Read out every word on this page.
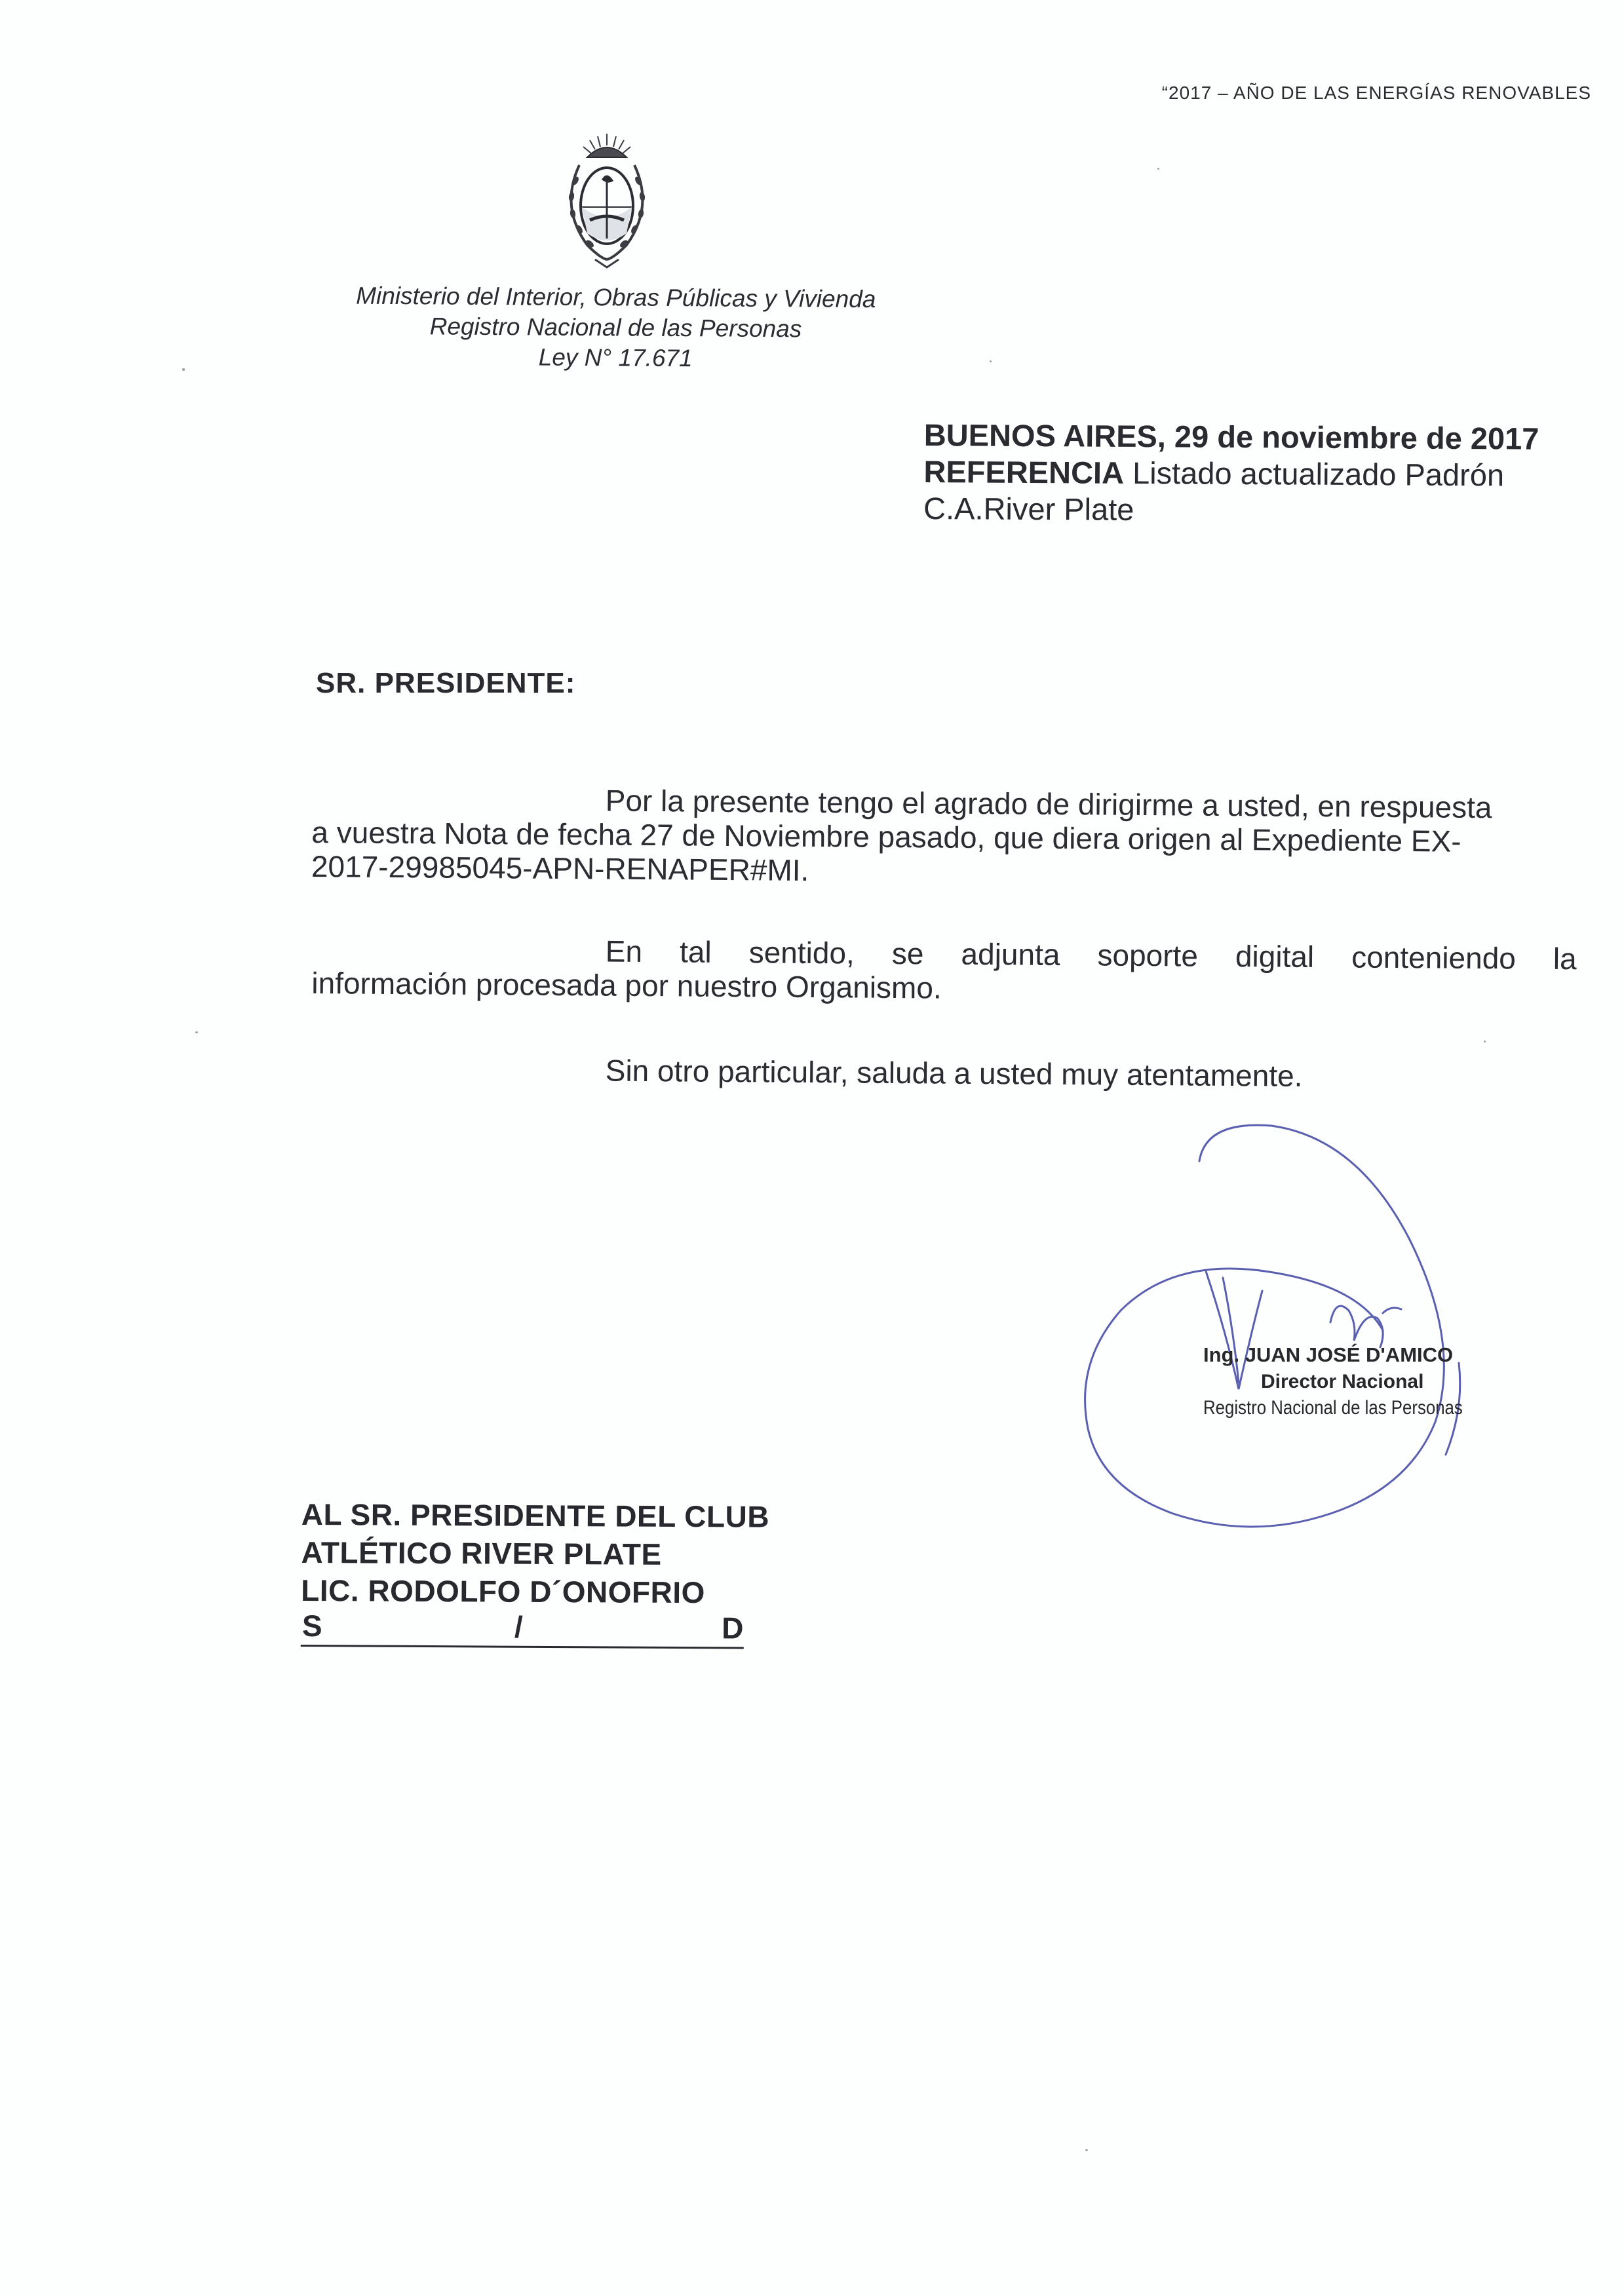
“2017 – AÑO DE LAS ENERGÍAS RENOVABLES
Ministerio del Interior, Obras Públicas y Vivienda
Registro Nacional de las Personas
Ley N° 17.671
BUENOS AIRES, 29 de noviembre de 2017
REFERENCIA Listado actualizado Padrón
C.A.River Plate
SR. PRESIDENTE:
Por la presente tengo el agrado de dirigirme a usted, en respuesta
a vuestra Nota de fecha 27 de Noviembre pasado, que diera origen al Expediente EX-
2017-29985045-APN-RENAPER#MI.
En tal sentido, se adjunta soporte digital conteniendo la
información procesada por nuestro Organismo.
Sin otro particular, saluda a usted muy atentamente.
Ing. JUAN JOSÉ D'AMICO
Director Nacional
Registro Nacional de las Personas
AL SR. PRESIDENTE DEL CLUB
ATLÉTICO RIVER PLATE
LIC. RODOLFO D´ONOFRIO
S	/	D
